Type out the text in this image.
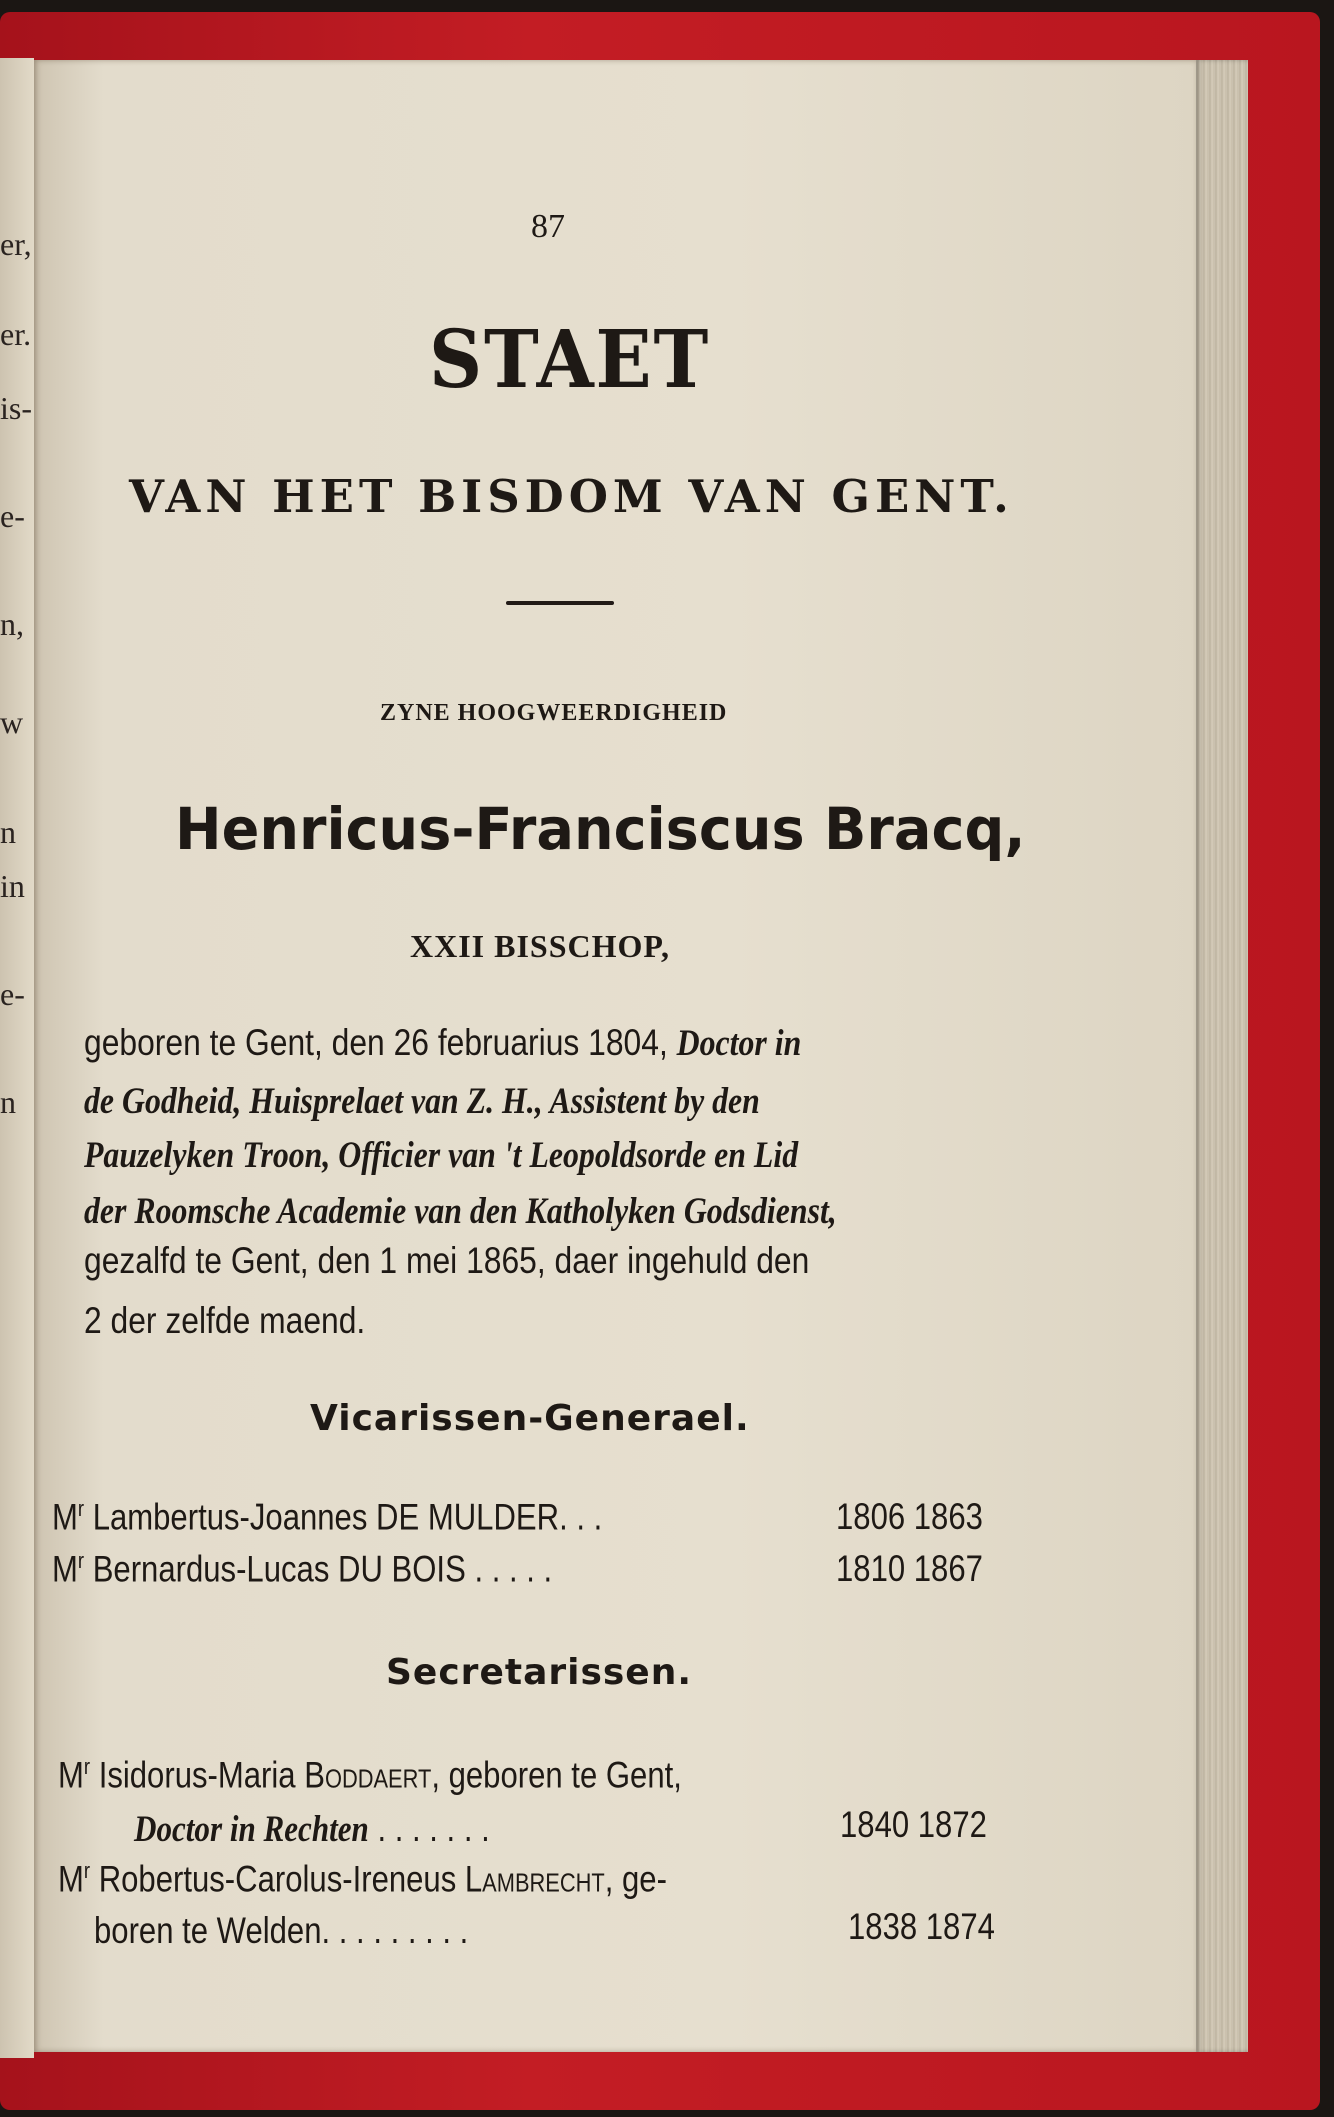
er,
er.
is-
e-
n,
w
n
in
e-
n
87
STAET
VAN HET BISDOM VAN GENT.
ZYNE HOOGWEERDIGHEID
Henricus-Franciscus Bracq,
XXII BISSCHOP,
geboren te Gent, den 26 februarius 1804, Doctor in
de Godheid, Huisprelaet van Z. H., Assistent by den
Pauzelyken Troon, Officier van 't Leopoldsorde en Lid
der Roomsche Academie van den Katholyken Godsdienst,
gezalfd te Gent, den 1 mei 1865, daer ingehuld den
2 der zelfde maend.
Vicarissen-Generael.
$M^r$ Lambertus-Joannes DE MULDER. . .	1806 1863
$M^r$ Bernardus-Lucas DU BOIS . . . . .	1810 1867
Secretarissen.
$M^r$ Isidorus-Maria Boddaert, geboren te Gent,
Doctor in Rechten . . . . . . .	1840 1872
$M^r$ Robertus-Carolus-Ireneus Lambrecht, ge-
boren te Welden. . . . . . . . .	1838 1874
